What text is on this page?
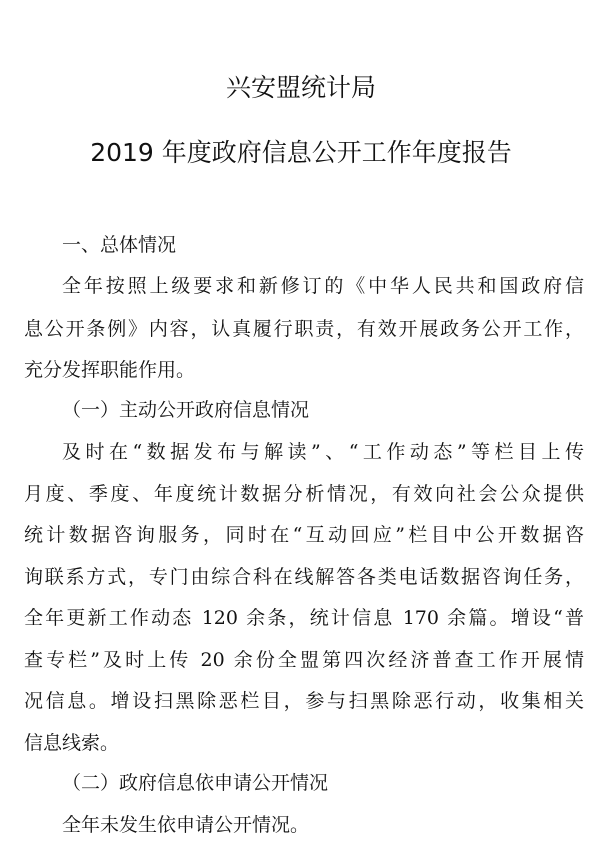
兴安盟统计局
2019 年度政府信息公开工作年度报告
一、总体情况
全年按照上级要求和新修订的《中华人民共和国政府信
息公开条例》内容，认真履行职责，有效开展政务公开工作，
充分发挥职能作用。
（一）主动公开政府信息情况
及时在“数据发布与解读”、“工作动态”等栏目上传
月度、季度、年度统计数据分析情况，有效向社会公众提供
统计数据咨询服务，同时在“互动回应”栏目中公开数据咨
询联系方式，专门由综合科在线解答各类电话数据咨询任务，
全年更新工作动态 120 余条，统计信息 170 余篇。增设“普
查专栏”及时上传 20 余份全盟第四次经济普查工作开展情
况信息。增设扫黑除恶栏目，参与扫黑除恶行动，收集相关
信息线索。
（二）政府信息依申请公开情况
全年未发生依申请公开情况。
